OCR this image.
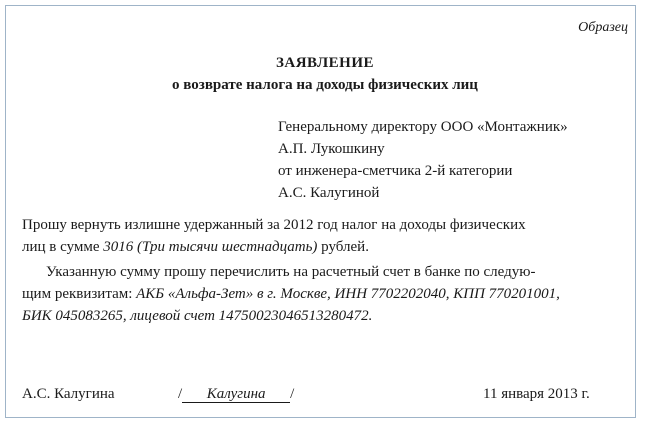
Образец
ЗАЯВЛЕНИЕ
о возврате налога на доходы физических лиц
Генеральному директору ООО «Монтажник»
А.П. Лукошкину
от инженера-сметчика 2-й категории
А.С. Калугиной
Прошу вернуть излишне удержанный за 2012 год налог на доходы физических
лиц в сумме 3016 (Три тысячи шестнадцать) рублей.
Указанную сумму прошу перечислить на расчетный счет в банке по следую-
щим реквизитам: АКБ «Альфа-Зет» в г. Москве, ИНН 7702202040, КПП 770201001,
БИК 045083265, лицевой счет 14750023046513280472.
А.С. Калугина	/ Калугина /	11 января 2013 г.
